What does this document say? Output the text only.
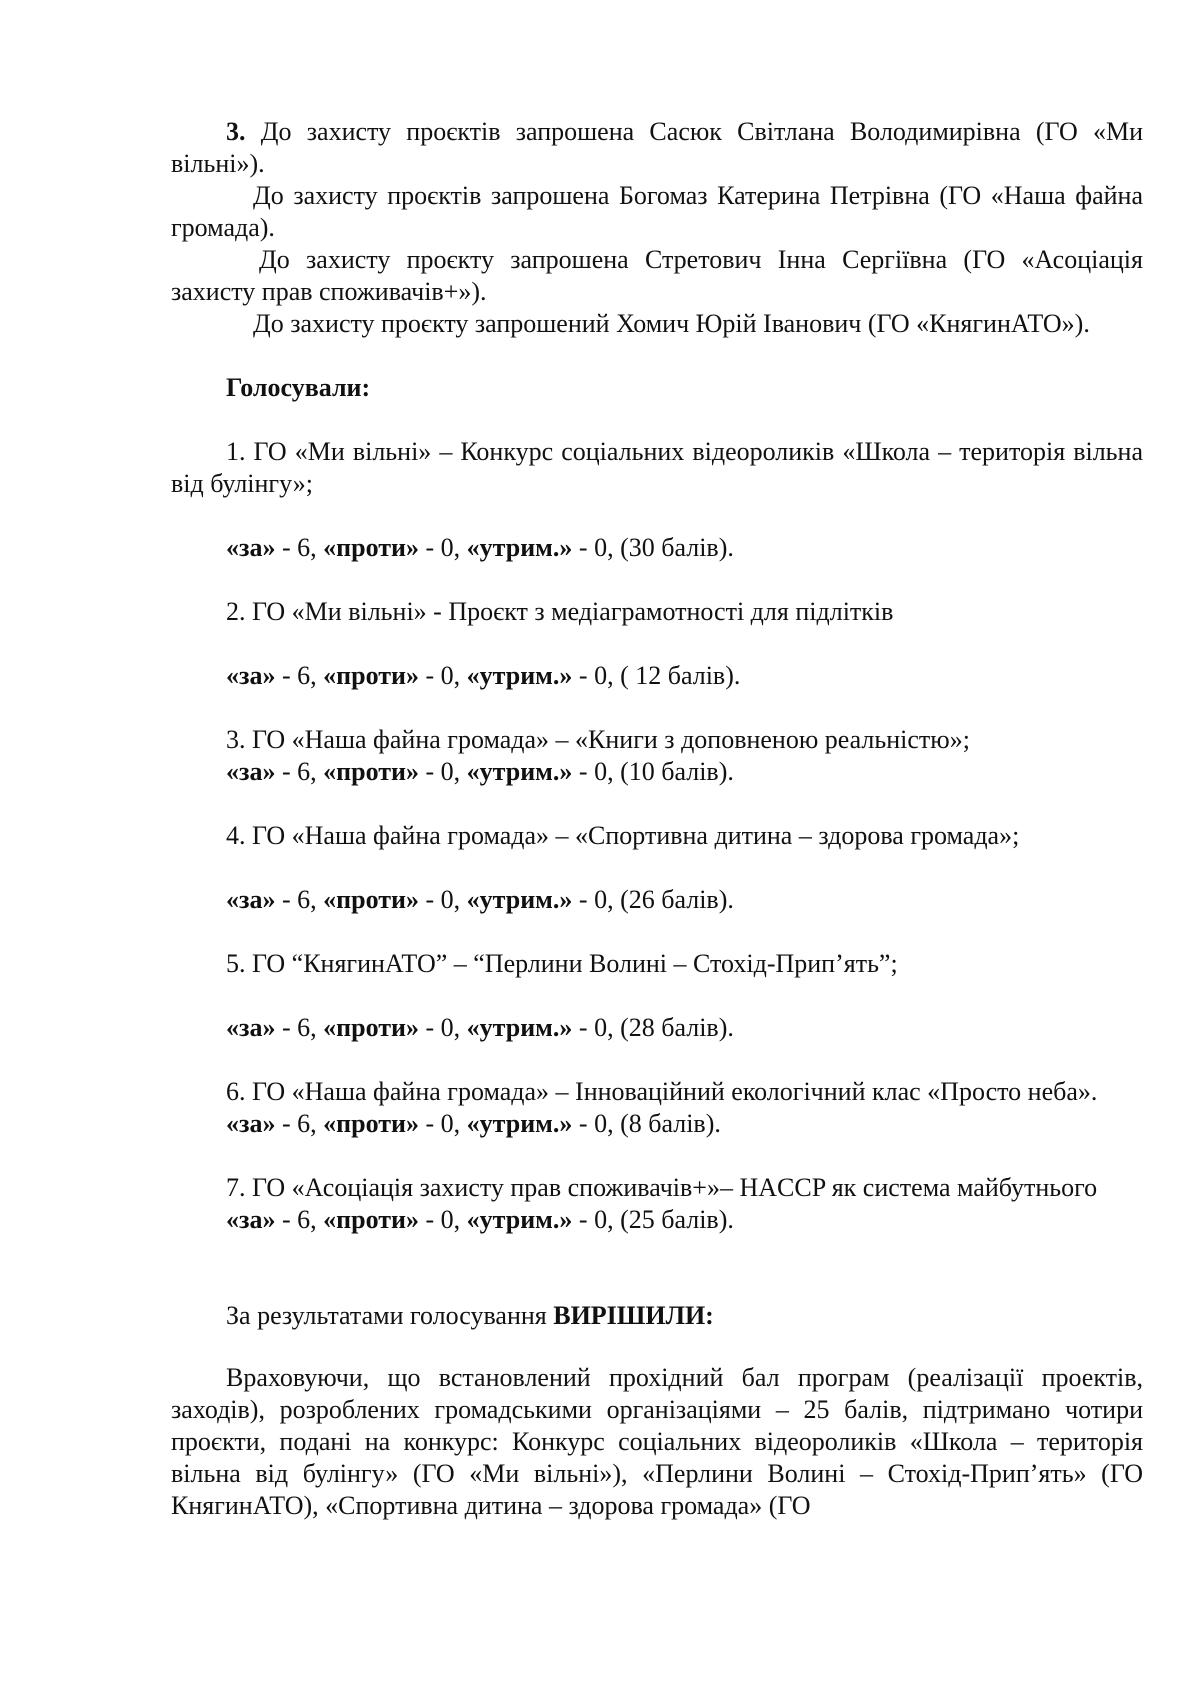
3. До захисту проєктів запрошена Сасюк Світлана Володимирівна (ГО «Ми вільні»).

До захисту проєктів запрошена Богомаз Катерина Петрівна (ГО «Наша файна громада).

До захисту проєкту запрошена Стретович Інна Сергіївна (ГО «Асоціація захисту прав споживачів+»).

До захисту проєкту запрошений Хомич Юрій Іванович (ГО «КнягинАТО»).

Голосували:

1. ГО «Ми вільні» – Конкурс соціальних відеороликів «Школа – територія вільна від булінгу»;

«за» - 6, «проти» - 0, «утрим.» - 0, (30 балів).

2. ГО «Ми вільні» - Проєкт з медіаграмотності для підлітків

«за» - 6, «проти» - 0, «утрим.» - 0, ( 12 балів).

3. ГО «Наша файна громада» – «Книги з доповненою реальністю»;

«за» - 6, «проти» - 0, «утрим.» - 0, (10 балів).

4. ГО «Наша файна громада» – «Спортивна дитина – здорова громада»;

«за» - 6, «проти» - 0, «утрим.» - 0, (26 балів).

5. ГО “КнягинАТО” – “Перлини Волині – Стохід-Прип’ять”;

«за» - 6, «проти» - 0, «утрим.» - 0, (28 балів).

6. ГО «Наша файна громада» – Інноваційний екологічний клас «Просто неба».

«за» - 6, «проти» - 0, «утрим.» - 0, (8 балів).

7. ГО «Асоціація захисту прав споживачів+»– HACCP як система майбутнього

«за» - 6, «проти» - 0, «утрим.» - 0, (25 балів).

За результатами голосування ВИРІШИЛИ:

Враховуючи, що встановлений прохідний бал програм (реалізації проектів, заходів), розроблених громадськими організаціями – 25 балів, підтримано чотири проєкти, подані на конкурс: Конкурс соціальних відеороликів «Школа – територія вільна від булінгу» (ГО «Ми вільні»), «Перлини Волині – Стохід-Прип’ять» (ГО КнягинАТО), «Спортивна дитина – здорова громада» (ГО
